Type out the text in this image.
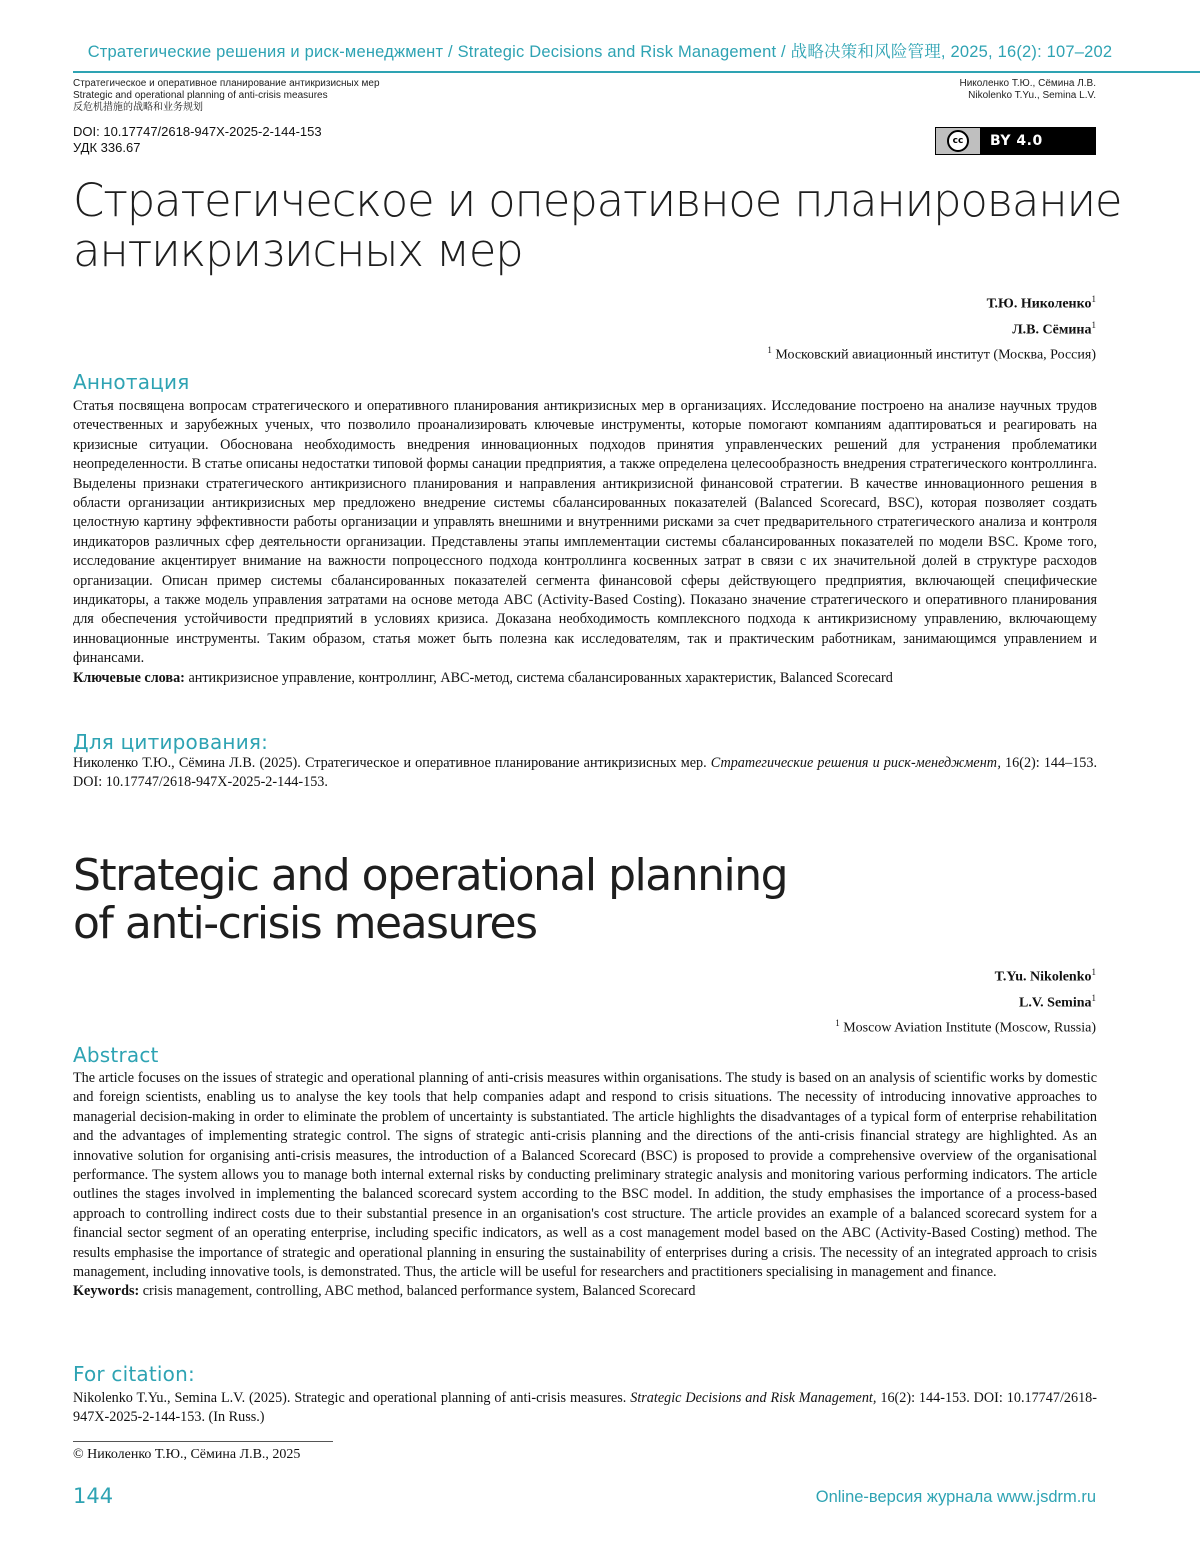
Стратегические решения и риск-менеджмент / Strategic Decisions and Risk Management / 战略决策和风险管理, 2025, 16(2): 107–202
Стратегическое и оперативное планирование антикризисных мер
Strategic and operational planning of anti-crisis measures
反危机措施的战略和业务规划
Николенко Т.Ю., Сёмина Л.В.
Nikolenko T.Yu., Semina L.V.
DOI: 10.17747/2618-947X-2025-2-144-153
УДК 336.67	cc	BY 4.0
Стратегическое и оперативное планирование
антикризисных мер
Т.Ю. Николенко$^1$
Л.В. Сёмина$^1$
$^1$ Московский авиационный институт (Москва, Россия)
Аннотация
Статья посвящена вопросам стратегического и оперативного планирования антикризисных мер в организациях. Исследование построено на анализе научных трудов отечественных и зарубежных ученых, что позволило проанализировать ключевые инструменты, которые помогают компаниям адаптироваться и реагировать на кризисные ситуации. Обоснована необходимость внедрения инновационных подходов принятия управленческих решений для устранения проблематики неопределенности. В статье описаны недостатки типовой формы санации предприятия, а также определена целесообразность внедрения стратегического контроллинга. Выделены признаки стратегического антикризисного планирования и направления антикризисной финансовой стратегии. В качестве инновационного решения в области организации антикризисных мер предложено внедрение системы сбалансированных показателей (Balanced Scorecard, BSC), которая позволяет создать целостную картину эффективности работы организации и управлять внешними и внутренними рисками за счет предварительного стратегического анализа и контроля индикаторов различных сфер деятельности организации. Представлены этапы имплементации системы сбалансированных показателей по модели BSC. Кроме того, исследование акцентирует внимание на важности попроцессного подхода контроллинга косвенных затрат в связи с их значительной долей в структуре расходов организации. Описан пример системы сбалансированных показателей сегмента финансовой сферы действующего предприятия, включающей специфические индикаторы, а также модель управления затратами на основе метода ABC (Activity-Based Costing). Показано значение стратегического и оперативного планирования для обеспечения устойчивости предприятий в условиях кризиса. Доказана необходимость комплексного подхода к антикризисному управлению, включающему инновационные инструменты. Таким образом, статья может быть полезна как исследователям, так и практическим работникам, занимающимся управлением и финансами.
Ключевые слова: антикризисное управление, контроллинг, ABC-метод, система сбалансированных характеристик, Balanced Scorecard
Для цитирования:
Николенко Т.Ю., Сёмина Л.В. (2025). Стратегическое и оперативное планирование антикризисных мер. Стратегические решения и риск-менеджмент, 16(2): 144–153. DOI: 10.17747/2618-947X-2025-2-144-153.
Strategic and operational planning
of anti-crisis measures
T.Yu. Nikolenko$^1$
L.V. Semina$^1$
$^1$ Moscow Aviation Institute (Moscow, Russia)
Abstract
The article focuses on the issues of strategic and operational planning of anti-crisis measures within organisations. The study is based on an analysis of scientific works by domestic and foreign scientists, enabling us to analyse the key tools that help companies adapt and respond to crisis situations. The necessity of introducing innovative approaches to managerial decision-making in order to eliminate the problem of uncertainty is substantiated. The article highlights the disadvantages of a typical form of enterprise rehabilitation and the advantages of implementing strategic control. The signs of strategic anti-crisis planning and the directions of the anti-crisis financial strategy are highlighted. As an innovative solution for organising anti-crisis measures, the introduction of a Balanced Scorecard (BSC) is proposed to provide a comprehensive overview of the organisational performance. The system allows you to manage both internal external risks by conducting preliminary strategic analysis and monitoring various performing indicators. The article outlines the stages involved in implementing the balanced scorecard system according to the BSC model. In addition, the study emphasises the importance of a process-based approach to controlling indirect costs due to their substantial presence in an organisation's cost structure. The article provides an example of a balanced scorecard system for a financial sector segment of an operating enterprise, including specific indicators, as well as a cost management model based on the ABC (Activity-Based Costing) method. The results emphasise the importance of strategic and operational planning in ensuring the sustainability of enterprises during a crisis. The necessity of an integrated approach to crisis management, including innovative tools, is demonstrated. Thus, the article will be useful for researchers and practitioners specialising in management and finance.
Keywords: crisis management, controlling, ABC method, balanced performance system, Balanced Scorecard
For citation:
Nikolenko T.Yu., Semina L.V. (2025). Strategic and operational planning of anti-crisis measures. Strategic Decisions and Risk Management, 16(2): 144-153. DOI: 10.17747/2618-947X-2025-2-144-153. (In Russ.)
© Николенко Т.Ю., Сёмина Л.В., 2025
144	Online-версия журнала www.jsdrm.ru
